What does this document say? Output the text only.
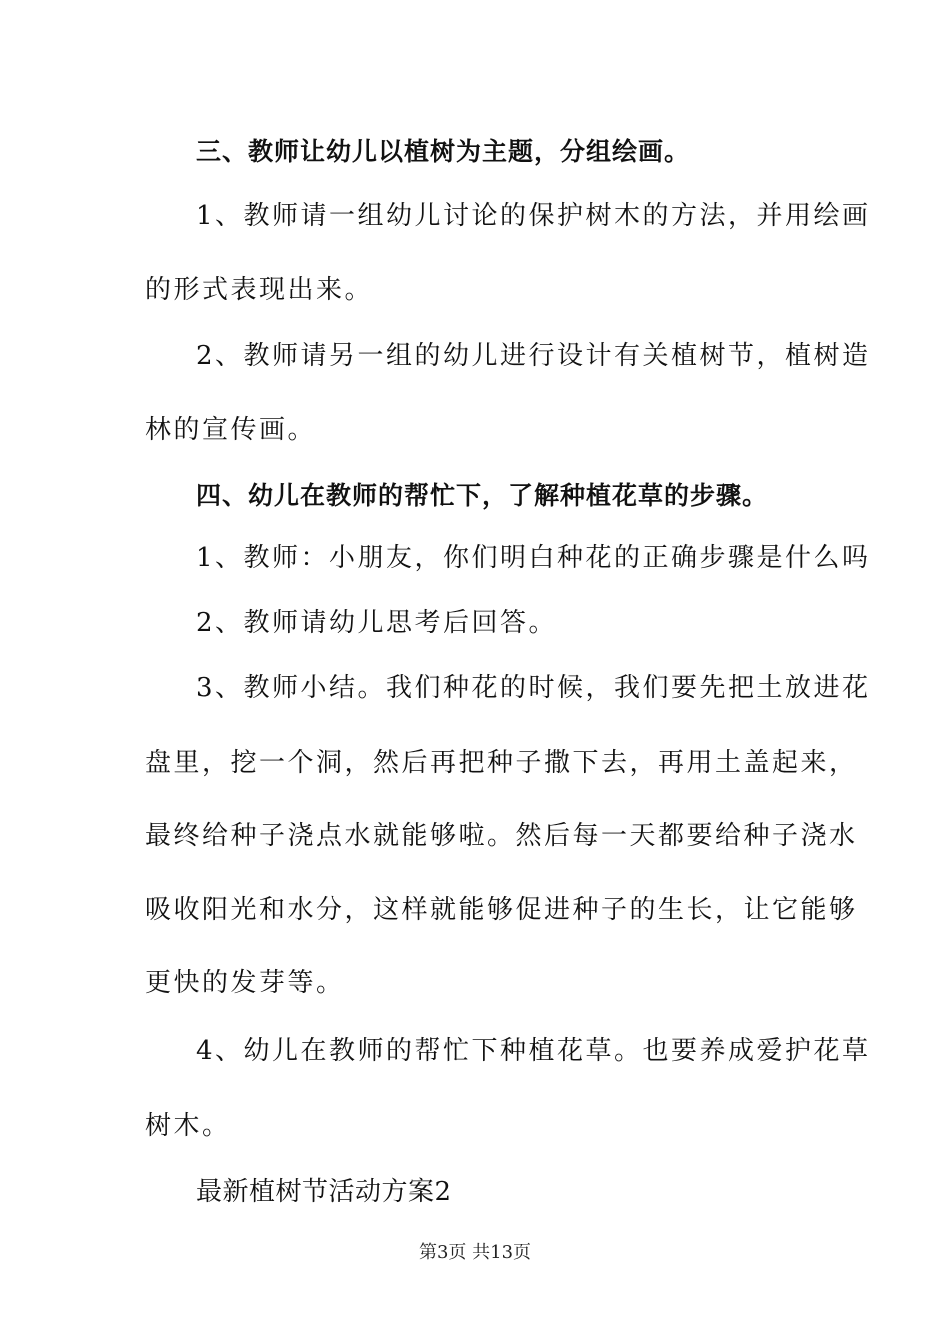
三、教师让幼儿以植树为主题，分组绘画。
1、教师请一组幼儿讨论的保护树木的方法，并用绘画
的形式表现出来。
2、教师请另一组的幼儿进行设计有关植树节，植树造
林的宣传画。
四、幼儿在教师的帮忙下，了解种植花草的步骤。
1、教师：小朋友，你们明白种花的正确步骤是什么吗
2、教师请幼儿思考后回答。
3、教师小结。我们种花的时候，我们要先把土放进花
盘里，挖一个洞，然后再把种子撒下去，再用土盖起来，
最终给种子浇点水就能够啦。然后每一天都要给种子浇水
吸收阳光和水分，这样就能够促进种子的生长，让它能够
更快的发芽等。
4、幼儿在教师的帮忙下种植花草。也要养成爱护花草
树木。
最新植树节活动方案2
第3页 共13页
